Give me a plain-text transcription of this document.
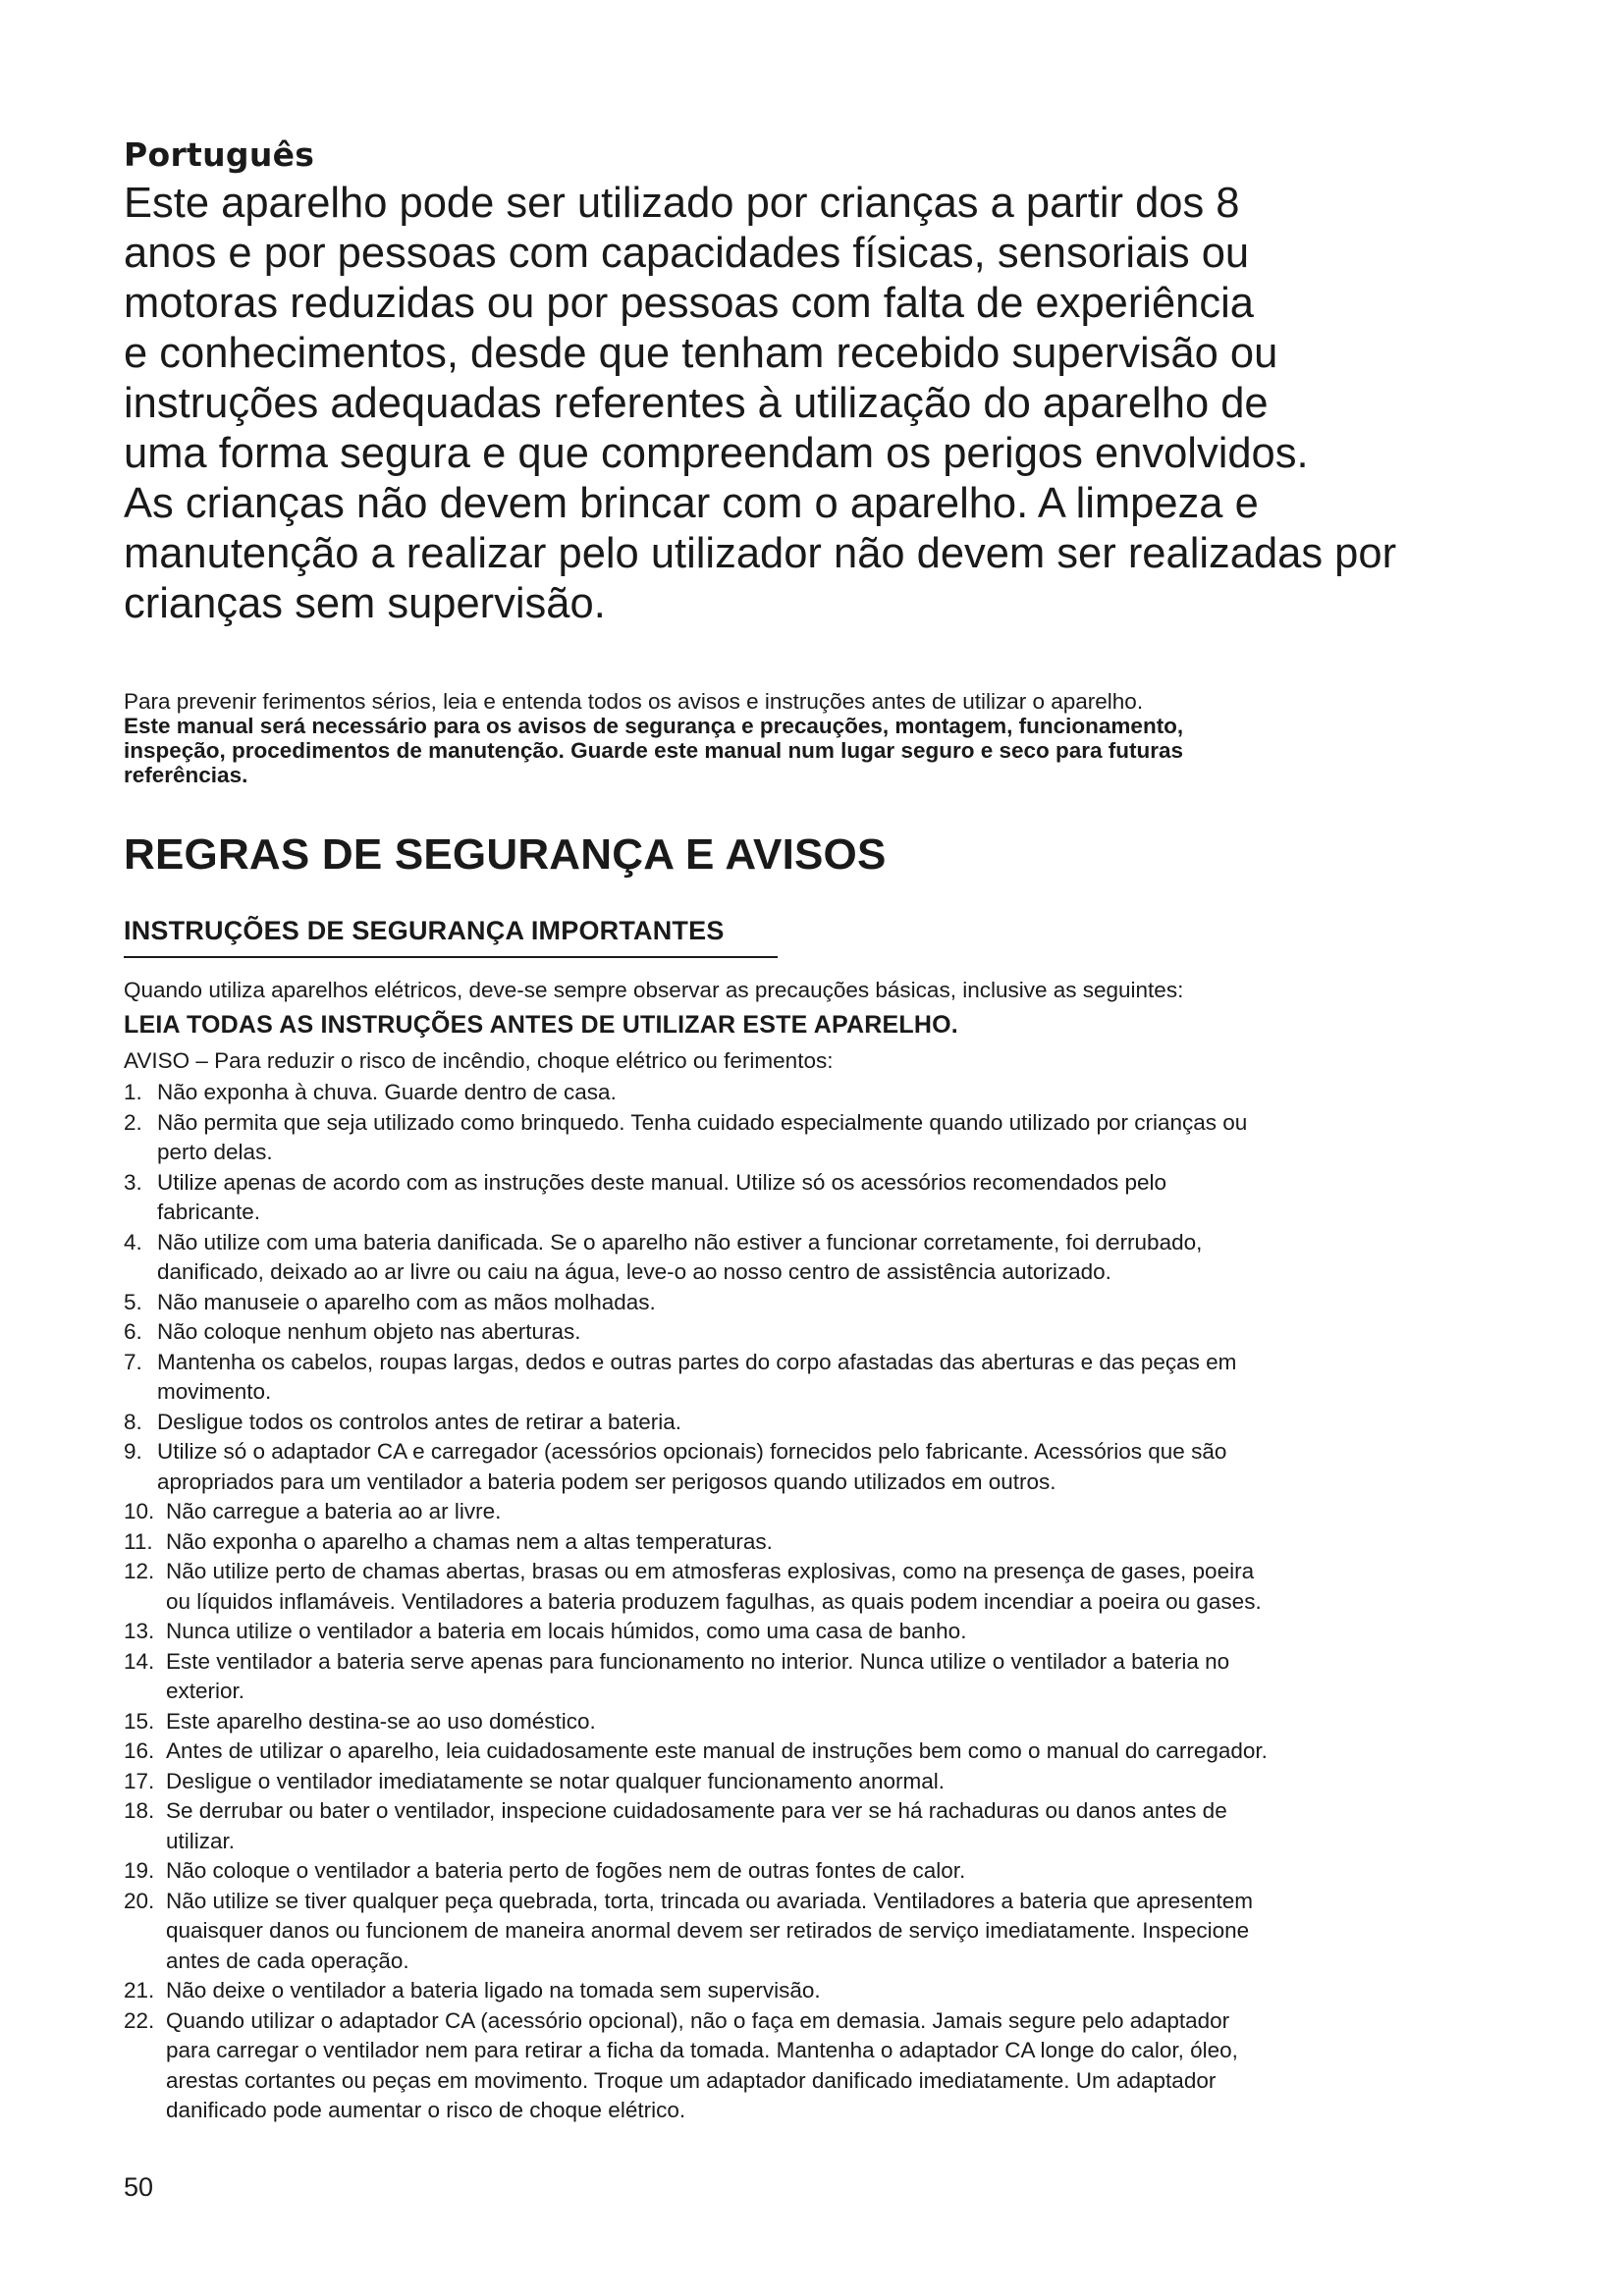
Português
Este aparelho pode ser utilizado por crianças a partir dos 8
anos e por pessoas com capacidades físicas, sensoriais ou
motoras reduzidas ou por pessoas com falta de experiência
e conhecimentos, desde que tenham recebido supervisão ou
instruções adequadas referentes à utilização do aparelho de
uma forma segura e que compreendam os perigos envolvidos.
As crianças não devem brincar com o aparelho. A limpeza e
manutenção a realizar pelo utilizador não devem ser realizadas por
crianças sem supervisão.
Para prevenir ferimentos sérios, leia e entenda todos os avisos e instruções antes de utilizar o aparelho.
Este manual será necessário para os avisos de segurança e precauções, montagem, funcionamento,
inspeção, procedimentos de manutenção. Guarde este manual num lugar seguro e seco para futuras
referências.
REGRAS DE SEGURANÇA E AVISOS
INSTRUÇÕES DE SEGURANÇA IMPORTANTES
Quando utiliza aparelhos elétricos, deve-se sempre observar as precauções básicas, inclusive as seguintes:
LEIA TODAS AS INSTRUÇÕES ANTES DE UTILIZAR ESTE APARELHO.
AVISO – Para reduzir o risco de incêndio, choque elétrico ou ferimentos:
1. Não exponha à chuva. Guarde dentro de casa.
2. Não permita que seja utilizado como brinquedo. Tenha cuidado especialmente quando utilizado por crianças ou
perto delas.
3. Utilize apenas de acordo com as instruções deste manual. Utilize só os acessórios recomendados pelo
fabricante.
4. Não utilize com uma bateria danificada. Se o aparelho não estiver a funcionar corretamente, foi derrubado,
danificado, deixado ao ar livre ou caiu na água, leve-o ao nosso centro de assistência autorizado.
5. Não manuseie o aparelho com as mãos molhadas.
6. Não coloque nenhum objeto nas aberturas.
7. Mantenha os cabelos, roupas largas, dedos e outras partes do corpo afastadas das aberturas e das peças em
movimento.
8. Desligue todos os controlos antes de retirar a bateria.
9. Utilize só o adaptador CA e carregador (acessórios opcionais) fornecidos pelo fabricante. Acessórios que são
apropriados para um ventilador a bateria podem ser perigosos quando utilizados em outros.
10. Não carregue a bateria ao ar livre.
11. Não exponha o aparelho a chamas nem a altas temperaturas.
12. Não utilize perto de chamas abertas, brasas ou em atmosferas explosivas, como na presença de gases, poeira
ou líquidos inflamáveis. Ventiladores a bateria produzem fagulhas, as quais podem incendiar a poeira ou gases.
13. Nunca utilize o ventilador a bateria em locais húmidos, como uma casa de banho.
14. Este ventilador a bateria serve apenas para funcionamento no interior. Nunca utilize o ventilador a bateria no
exterior.
15. Este aparelho destina-se ao uso doméstico.
16. Antes de utilizar o aparelho, leia cuidadosamente este manual de instruções bem como o manual do carregador.
17. Desligue o ventilador imediatamente se notar qualquer funcionamento anormal.
18. Se derrubar ou bater o ventilador, inspecione cuidadosamente para ver se há rachaduras ou danos antes de
utilizar.
19. Não coloque o ventilador a bateria perto de fogões nem de outras fontes de calor.
20. Não utilize se tiver qualquer peça quebrada, torta, trincada ou avariada. Ventiladores a bateria que apresentem
quaisquer danos ou funcionem de maneira anormal devem ser retirados de serviço imediatamente. Inspecione
antes de cada operação.
21. Não deixe o ventilador a bateria ligado na tomada sem supervisão.
22. Quando utilizar o adaptador CA (acessório opcional), não o faça em demasia. Jamais segure pelo adaptador
para carregar o ventilador nem para retirar a ficha da tomada. Mantenha o adaptador CA longe do calor, óleo,
arestas cortantes ou peças em movimento. Troque um adaptador danificado imediatamente. Um adaptador
danificado pode aumentar o risco de choque elétrico.
50
